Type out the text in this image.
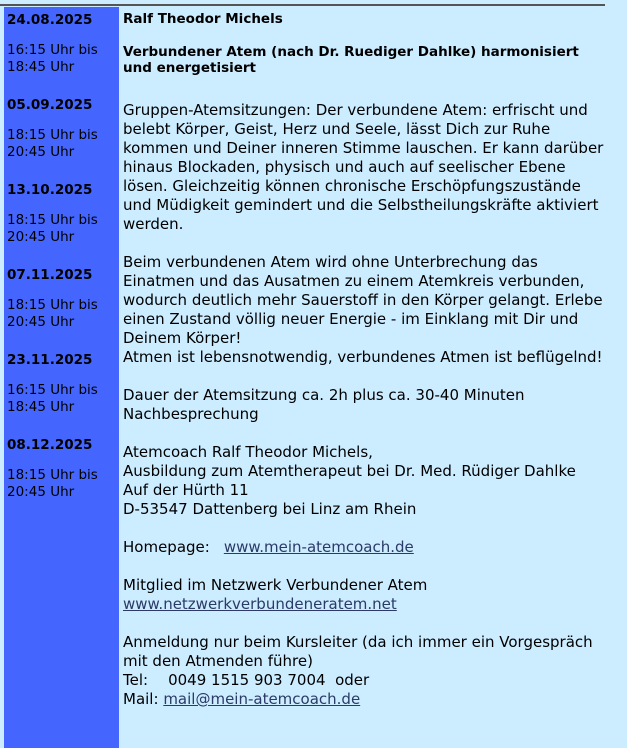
24.08.2025
16:15 Uhr bis
18:45 Uhr
05.09.2025
18:15 Uhr bis
20:45 Uhr
13.10.2025
18:15 Uhr bis
20:45 Uhr
07.11.2025
18:15 Uhr bis
20:45 Uhr
23.11.2025
16:15 Uhr bis
18:45 Uhr
08.12.2025
18:15 Uhr bis
20:45 Uhr

Ralf Theodor Michels

Verbundener Atem (nach Dr. Ruediger Dahlke) harmonisiert und energetisiert

Gruppen-Atemsitzungen: Der verbundene Atem: erfrischt und belebt Körper, Geist, Herz und Seele, lässt Dich zur Ruhe kommen und Deiner inneren Stimme lauschen. Er kann darüber hinaus Blockaden, physisch und auch auf seelischer Ebene lösen. Gleichzeitig können chronische Erschöpfungszustände und Müdigkeit gemindert und die Selbstheilungskräfte aktiviert werden.

Beim verbundenen Atem wird ohne Unterbrechung das Einatmen und das Ausatmen zu einem Atemkreis verbunden, wodurch deutlich mehr Sauerstoff in den Körper gelangt. Erlebe einen Zustand völlig neuer Energie - im Einklang mit Dir und Deinem Körper!

Atmen ist lebensnotwendig, verbundenes Atmen ist beflügelnd!

Dauer der Atemsitzung ca. 2h plus ca. 30-40 Minuten Nachbesprechung

Atemcoach Ralf Theodor Michels,

Ausbildung zum Atemtherapeut bei Dr. Med. Rüdiger Dahlke

Auf der Hürth 11

D-53547 Dattenberg bei Linz am Rhein

Homepage: www.mein-atemcoach.de

Mitglied im Netzwerk Verbundener Atem

www.netzwerkverbundeneratem.net

Anmeldung nur beim Kursleiter (da ich immer ein Vorgespräch mit den Atmenden führe)

Tel: 0049 1515 903 7004 oder

Mail: mail@mein-atemcoach.de
